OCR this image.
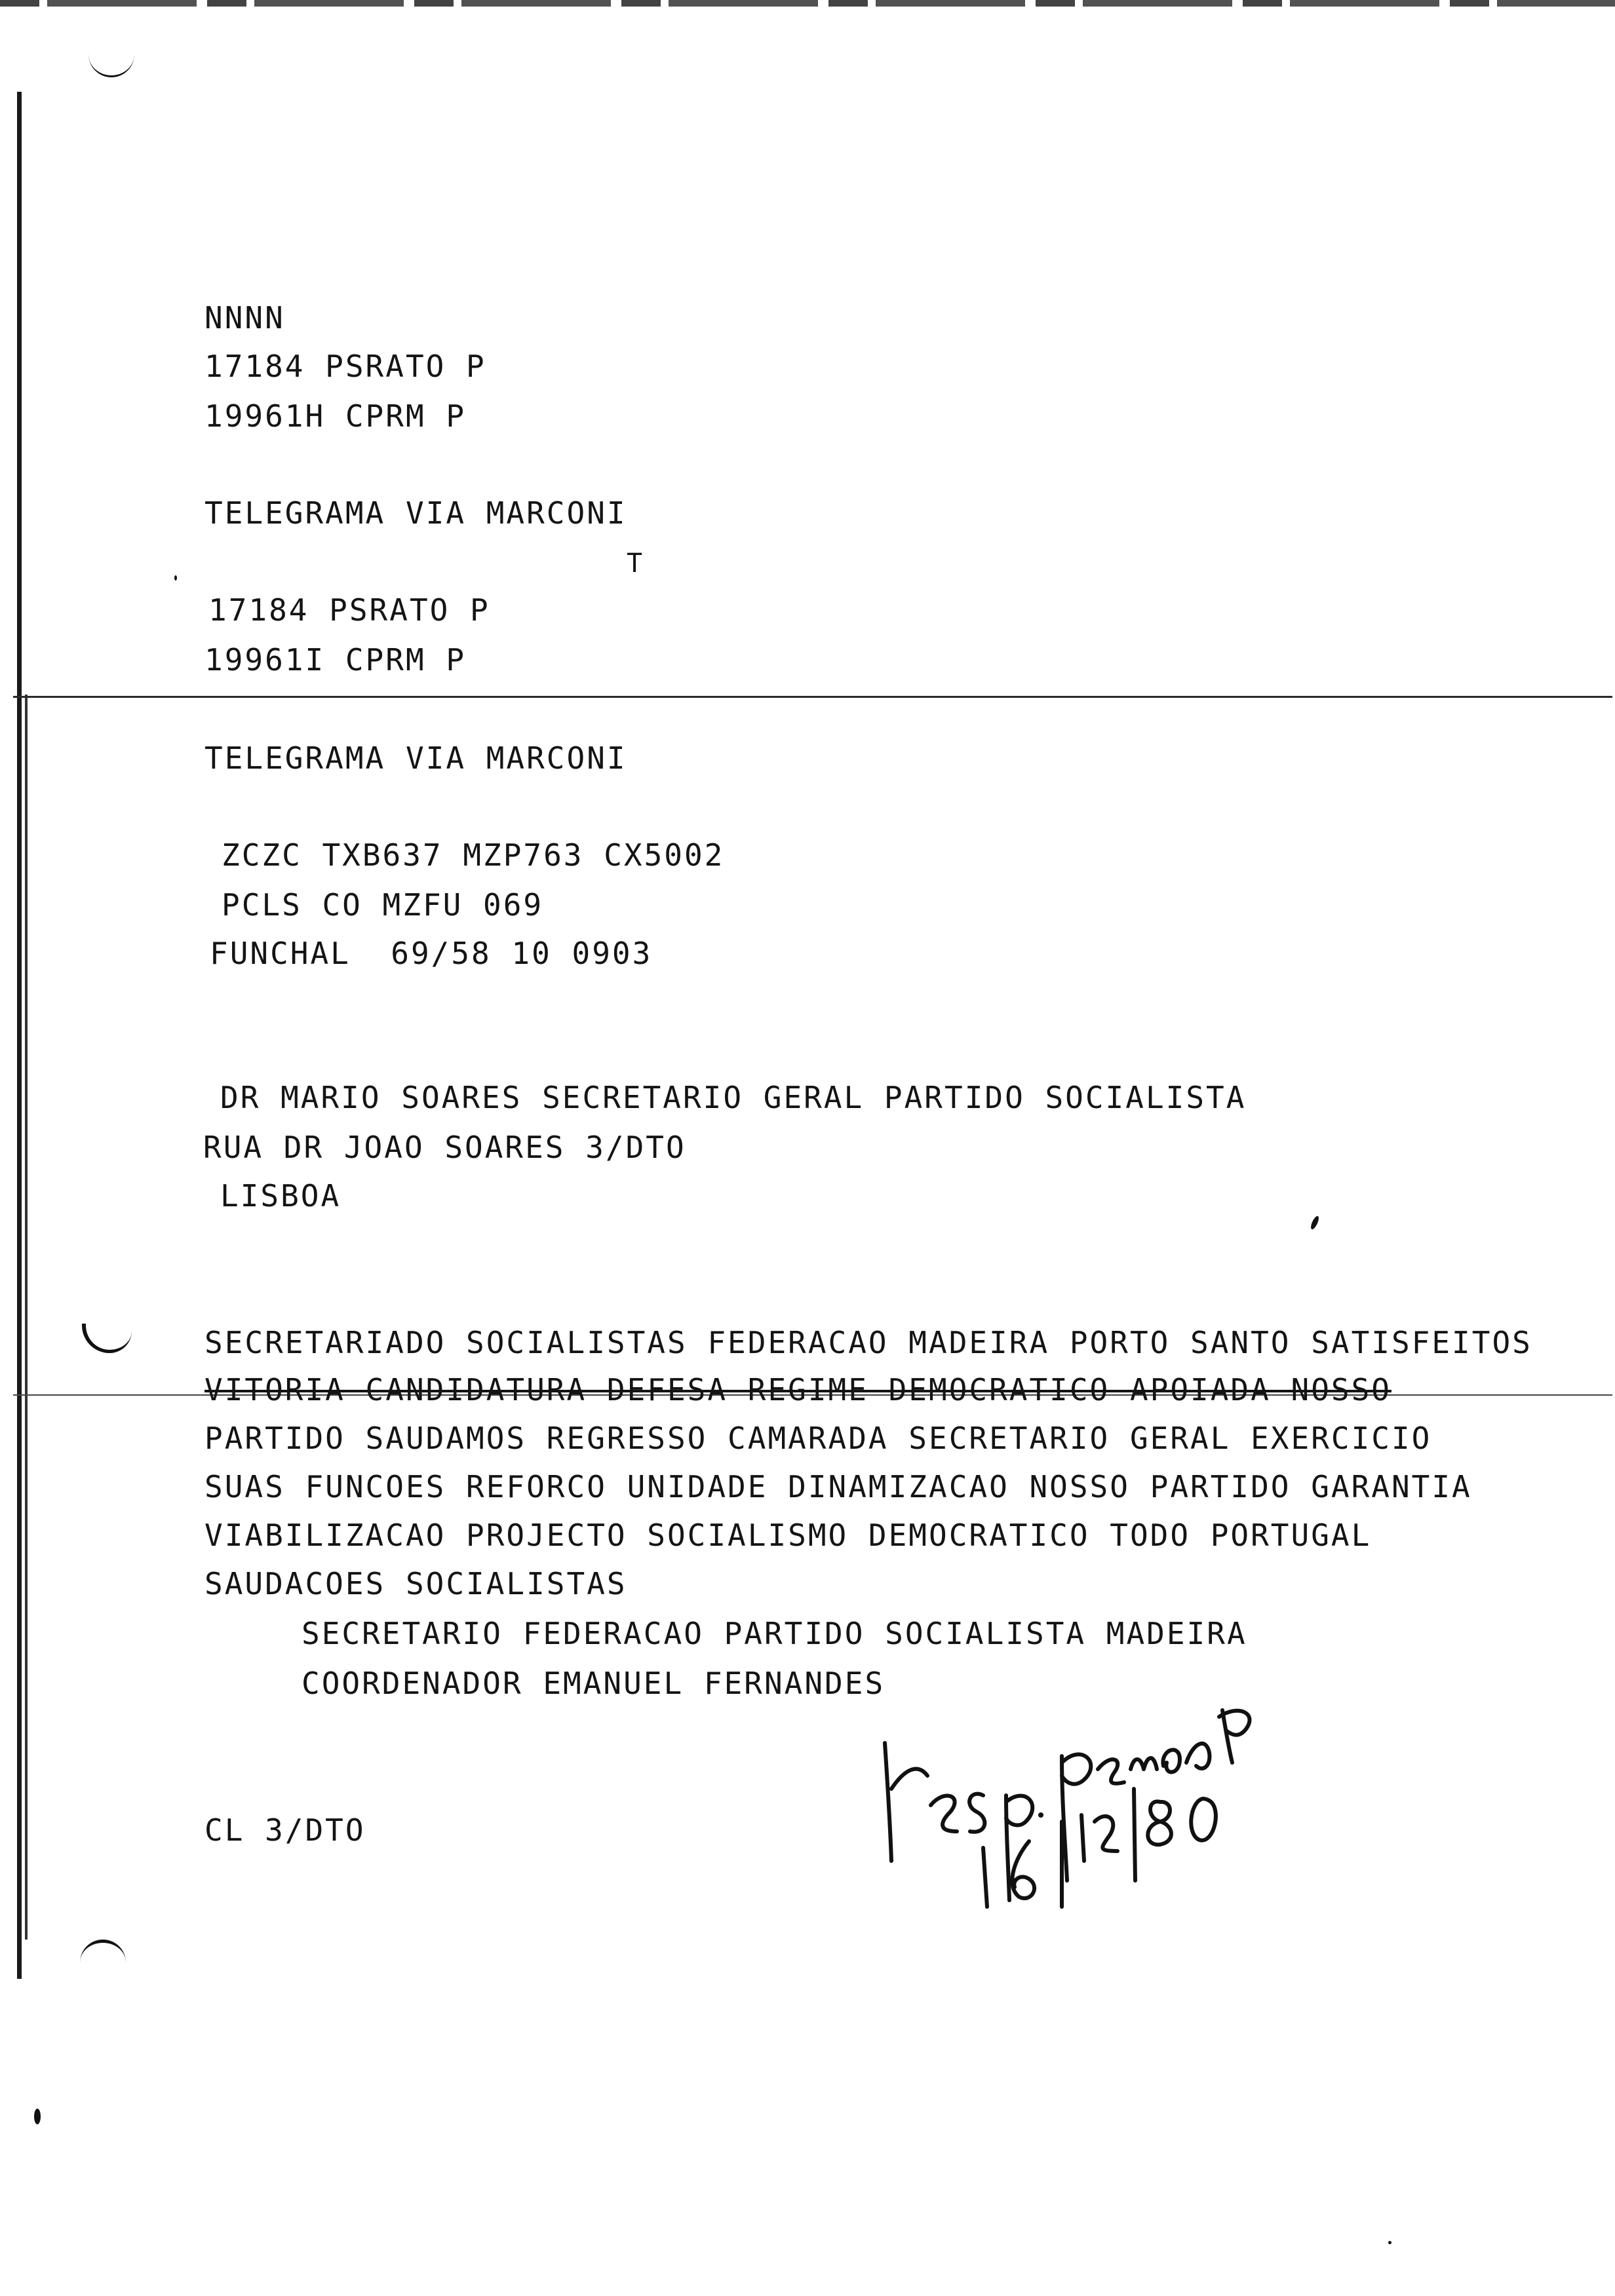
NNNN
17184 PSRATO P
19961H CPRM P
TELEGRAMA VIA MARCONI
T
17184 PSRATO P
19961I CPRM P
TELEGRAMA VIA MARCONI
ZCZC TXB637 MZP763 CX5002
PCLS CO MZFU 069
FUNCHAL  69/58 10 0903
DR MARIO SOARES SECRETARIO GERAL PARTIDO SOCIALISTA
RUA DR JOAO SOARES 3/DTO
LISBOA
SECRETARIADO SOCIALISTAS FEDERACAO MADEIRA PORTO SANTO SATISFEITOS
VITORIA CANDIDATURA DEFESA REGIME DEMOCRATICO APOIADA NOSSO
PARTIDO SAUDAMOS REGRESSO CAMARADA SECRETARIO GERAL EXERCICIO
SUAS FUNCOES REFORCO UNIDADE DINAMIZACAO NOSSO PARTIDO GARANTIA
VIABILIZACAO PROJECTO SOCIALISMO DEMOCRATICO TODO PORTUGAL
SAUDACOES SOCIALISTAS
SECRETARIO FEDERACAO PARTIDO SOCIALISTA MADEIRA
COORDENADOR EMANUEL FERNANDES
CL 3/DTO
